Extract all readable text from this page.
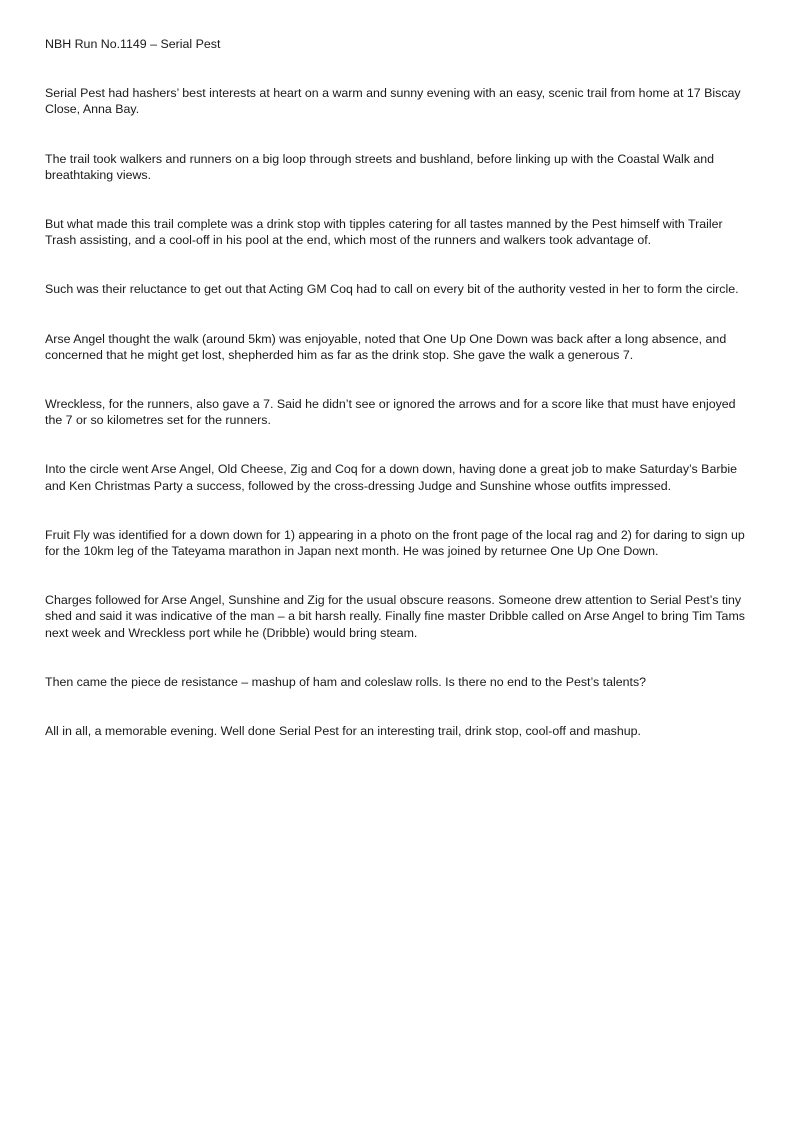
NBH Run No.1149 – Serial Pest

Serial Pest had hashers’ best interests at heart on a warm and sunny evening with an easy, scenic trail from home at 17 Biscay Close, Anna Bay.

The trail took walkers and runners on a big loop through streets and bushland, before linking up with the Coastal Walk and breathtaking views.

But what made this trail complete was a drink stop with tipples catering for all tastes manned by the Pest himself with Trailer Trash assisting, and a cool-off in his pool at the end, which most of the runners and walkers took advantage of.

Such was their reluctance to get out that Acting GM Coq had to call on every bit of the authority vested in her to form the circle.

Arse Angel thought the walk (around 5km) was enjoyable, noted that One Up One Down was back after a long absence, and concerned that he might get lost, shepherded him as far as the drink stop. She gave the walk a generous 7.

Wreckless, for the runners, also gave a 7. Said he didn’t see or ignored the arrows and for a score like that must have enjoyed the 7 or so kilometres set for the runners.

Into the circle went Arse Angel, Old Cheese, Zig and Coq for a down down, having done a great job to make Saturday’s Barbie and Ken Christmas Party a success, followed by the cross-dressing Judge and Sunshine whose outfits impressed.

Fruit Fly was identified for a down down for 1) appearing in a photo on the front page of the local rag and 2) for daring to sign up for the 10km leg of the Tateyama marathon in Japan next month. He was joined by returnee One Up One Down.

Charges followed for Arse Angel, Sunshine and Zig for the usual obscure reasons. Someone drew attention to Serial Pest’s tiny shed and said it was indicative of the man – a bit harsh really. Finally fine master Dribble called on Arse Angel to bring Tim Tams next week and Wreckless port while he (Dribble) would bring steam.

Then came the piece de resistance – mashup of ham and coleslaw rolls. Is there no end to the Pest’s talents?

All in all, a memorable evening. Well done Serial Pest for an interesting trail, drink stop, cool-off and mashup.
